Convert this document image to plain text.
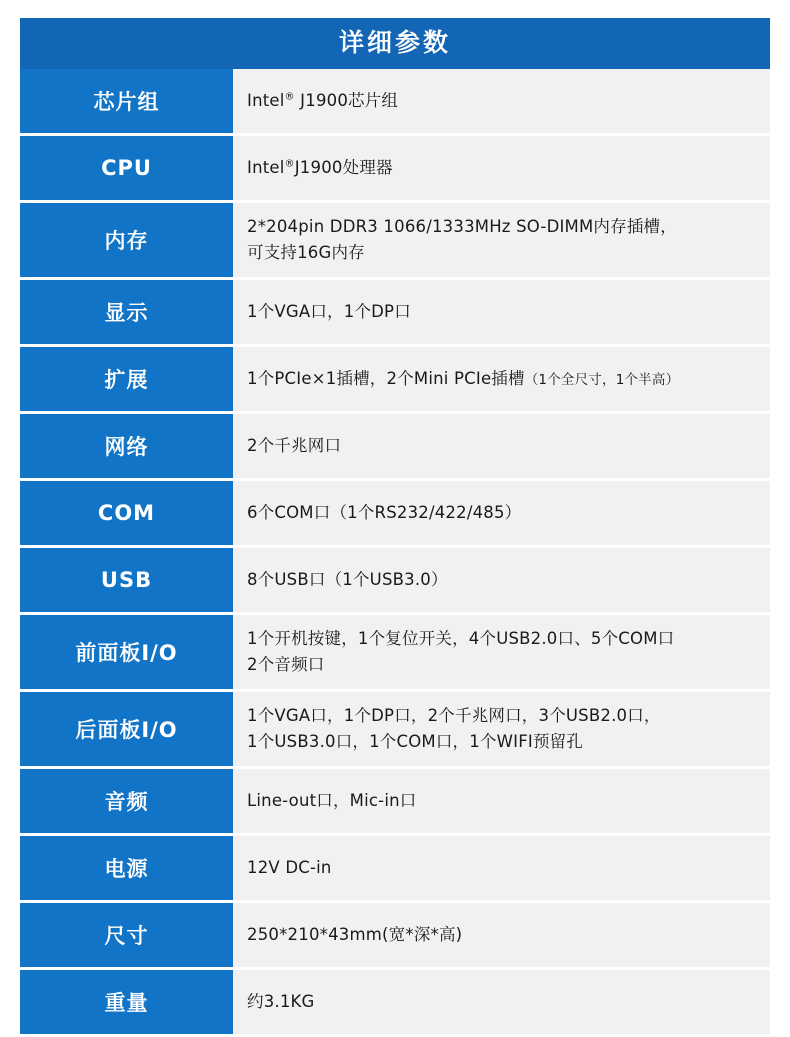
详细参数
芯片组	Intel® J1900芯片组
CPU	Intel®J1900处理器
内存	2*204pin DDR3 1066/1333MHz SO-DIMM内存插槽，
可支持16G内存

显示	1个VGA口，1个DP口

扩展	1个PCIe×1插槽，2个Mini PCIe插槽（1个全尺寸，1个半高）

网络	2个千兆网口

COM	6个COM口（1个RS232/422/485）

USB	8个USB口（1个USB3.0）

前面板I/O	1个开机按键，1个复位开关，4个USB2.0口、5个COM口
2个音频口

后面板I/O	1个VGA口，1个DP口，2个千兆网口，3个USB2.0口，
1个USB3.0口，1个COM口，1个WIFI预留孔

音频	Line-out口，Mic-in口

电源	12V DC-in

尺寸	250*210*43mm(宽*深*高)

重量	约3.1KG
